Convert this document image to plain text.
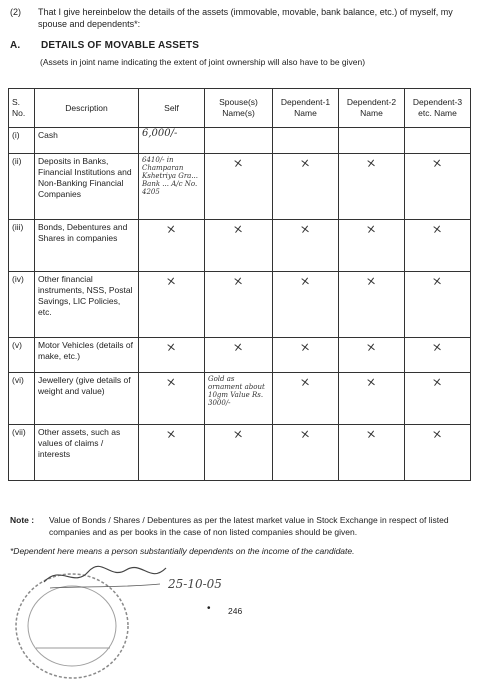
(2) That I give hereinbelow the details of the assets (immovable, movable, bank balance, etc.) of myself, my spouse and dependents*:
A. DETAILS OF MOVABLE ASSETS
(Assets in joint name indicating the extent of joint ownership will also have to be given)
S. No.	Description	Self	Spouse(s) Name(s)	Dependent-1 Name	Dependent-2 Name	Dependent-3 etc. Name
(i)	Cash	6,000/-				

(ii)	Deposits in Banks, Financial Institutions and Non-Banking Financial Companies	6410/- in Champaran Kshetriya Gra... Bank ... A/c No. 4205	×	×	×	×
(iii)	Bonds, Debentures and Shares in companies	×	×	×	×	×
(iv)	Other financial instruments, NSS, Postal Savings, LIC Policies, etc.	×	×	×	×	×
(v)	Motor Vehicles (details of make, etc.)	×	×	×	×	×
(vi)	Jewellery (give details of weight and value)	×	Gold as ornament about 10gm Value Rs. 3000/-	×	×	×
(vii)	Other assets, such as values of claims / interests	×	×	×	×	×
Note : Value of Bonds / Shares / Debentures as per the latest market value in Stock Exchange in respect of listed companies and as per books in the case of non listed companies should be given.
*Dependent here means a person substantially dependents on the income of the candidate.
25-10-05
• 246
